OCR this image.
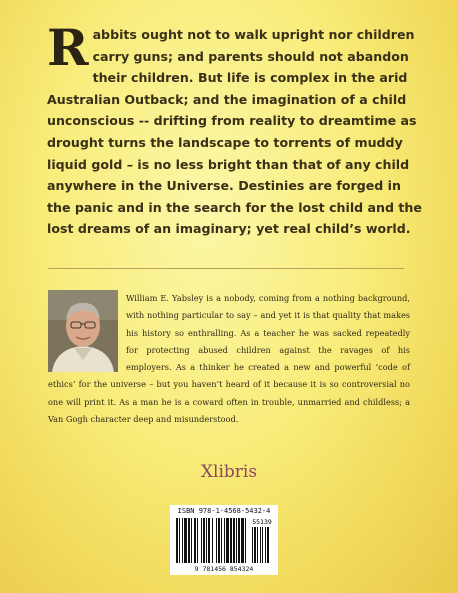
Rabbits ought not to walk upright nor children carry guns; and parents should not abandon their children. But life is complex in the arid Australian Outback; and the imagination of a child unconscious -- drifting from reality to dreamtime as drought turns the landscape to torrents of muddy liquid gold – is no less bright than that of any child anywhere in the Universe. Destinies are forged in the panic and in the search for the lost child and the lost dreams of an imaginary; yet real child’s world.
William E. Yabsley is a nobody, coming from a nothing background, with nothing particular to say – and yet it is that quality that makes his history so enthralling. As a teacher he was sacked repeatedly for protecting abused children against the ravages of his employers. As a thinker he created a new and powerful ‘code of ethics’ for the universe – but you haven’t heard of it because it is so controversial no one will print it. As a man he is a coward often in trouble, unmarried and childless; a Van Gogh character deep and misunderstood.
Xlibris
ISBN 978-1-4568-5432-4
55139
9 781456 854324
